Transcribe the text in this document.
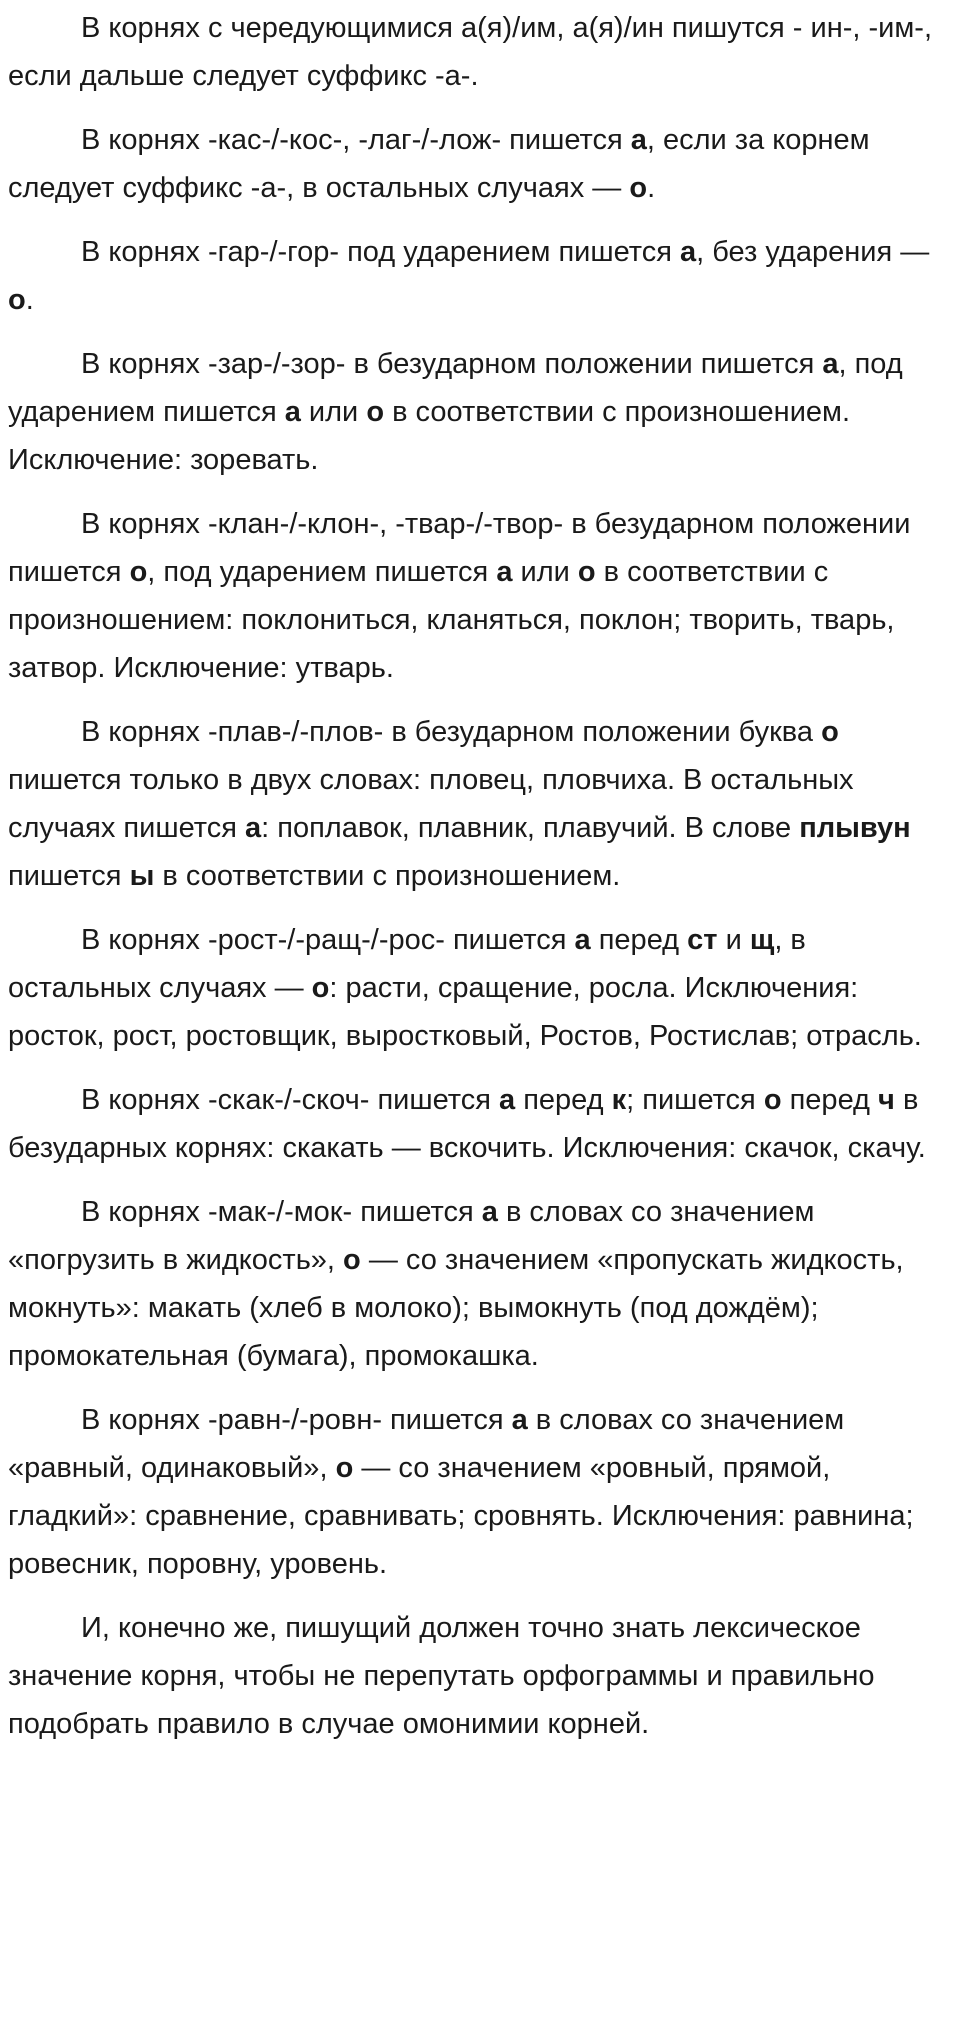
В корнях с чередующимися а(я)/им, а(я)/ин пишутся - ин-, -им-, если дальше следует суффикс -а-.

В корнях -кас-/-кос-, -лаг-/-лож- пишется а, если за корнем следует суффикс -а-, в остальных случаях — о.

В корнях -гар-/-гор- под ударением пишется а, без ударения — о.

В корнях -зар-/-зор- в безударном положении пишется а, под ударением пишется а или о в соответствии с произношением. Исключение: зоревать.

В корнях -клан-/-клон-, -твар-/-твор- в безударном положении пишется о, под ударением пишется а или о в соответствии с произношением: поклониться, кланяться, поклон; творить, тварь, затвор. Исключение: утварь.

В корнях -плав-/-плов- в безударном положении буква о пишется только в двух словах: пловец, пловчиха. В остальных случаях пишется а: поплавок, плавник, плавучий. В слове плывун пишется ы в соответствии с произношением.

В корнях -рост-/-ращ-/-рос- пишется а перед ст и щ, в остальных случаях — о: расти, сращение, росла. Исключения: росток, рост, ростовщик, выростковый, Ростов, Ростислав; отрасль.

В корнях -скак-/-скоч- пишется а перед к; пишется о перед ч в безударных корнях: скакать — вскочить. Исключения: скачок, скачу.

В корнях -мак-/-мок- пишется а в словах со значением «погрузить в жидкость», о — со значением «пропускать жидкость, мокнуть»: макать (хлеб в молоко); вымокнуть (под дождём); промокательная (бумага), промокашка.

В корнях -равн-/-ровн- пишется а в словах со значением «равный, одинаковый», о — со значением «ровный, прямой, гладкий»: сравнение, сравнивать; сровнять. Исключения: равнина; ровесник, поровну, уровень.

И, конечно же, пишущий должен точно знать лексическое значение корня, чтобы не перепутать орфограммы и правильно подобрать правило в случае омонимии корней.
